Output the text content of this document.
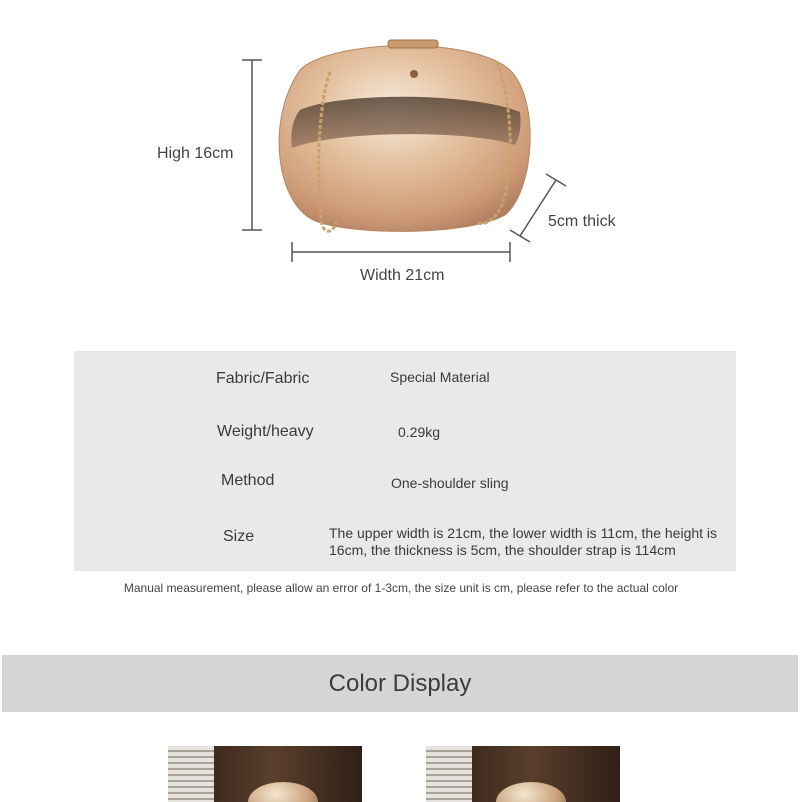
High 16cm
Width 21cm
5cm thick
Fabric/Fabric	Special Material
Weight/heavy	0.29kg
Method	One-shoulder sling
Size	The upper width is 21cm, the lower width is 11cm, the height is 16cm, the thickness is 5cm, the shoulder strap is 114cm
Manual measurement, please allow an error of 1-3cm, the size unit is cm, please refer to the actual color
Color Display
